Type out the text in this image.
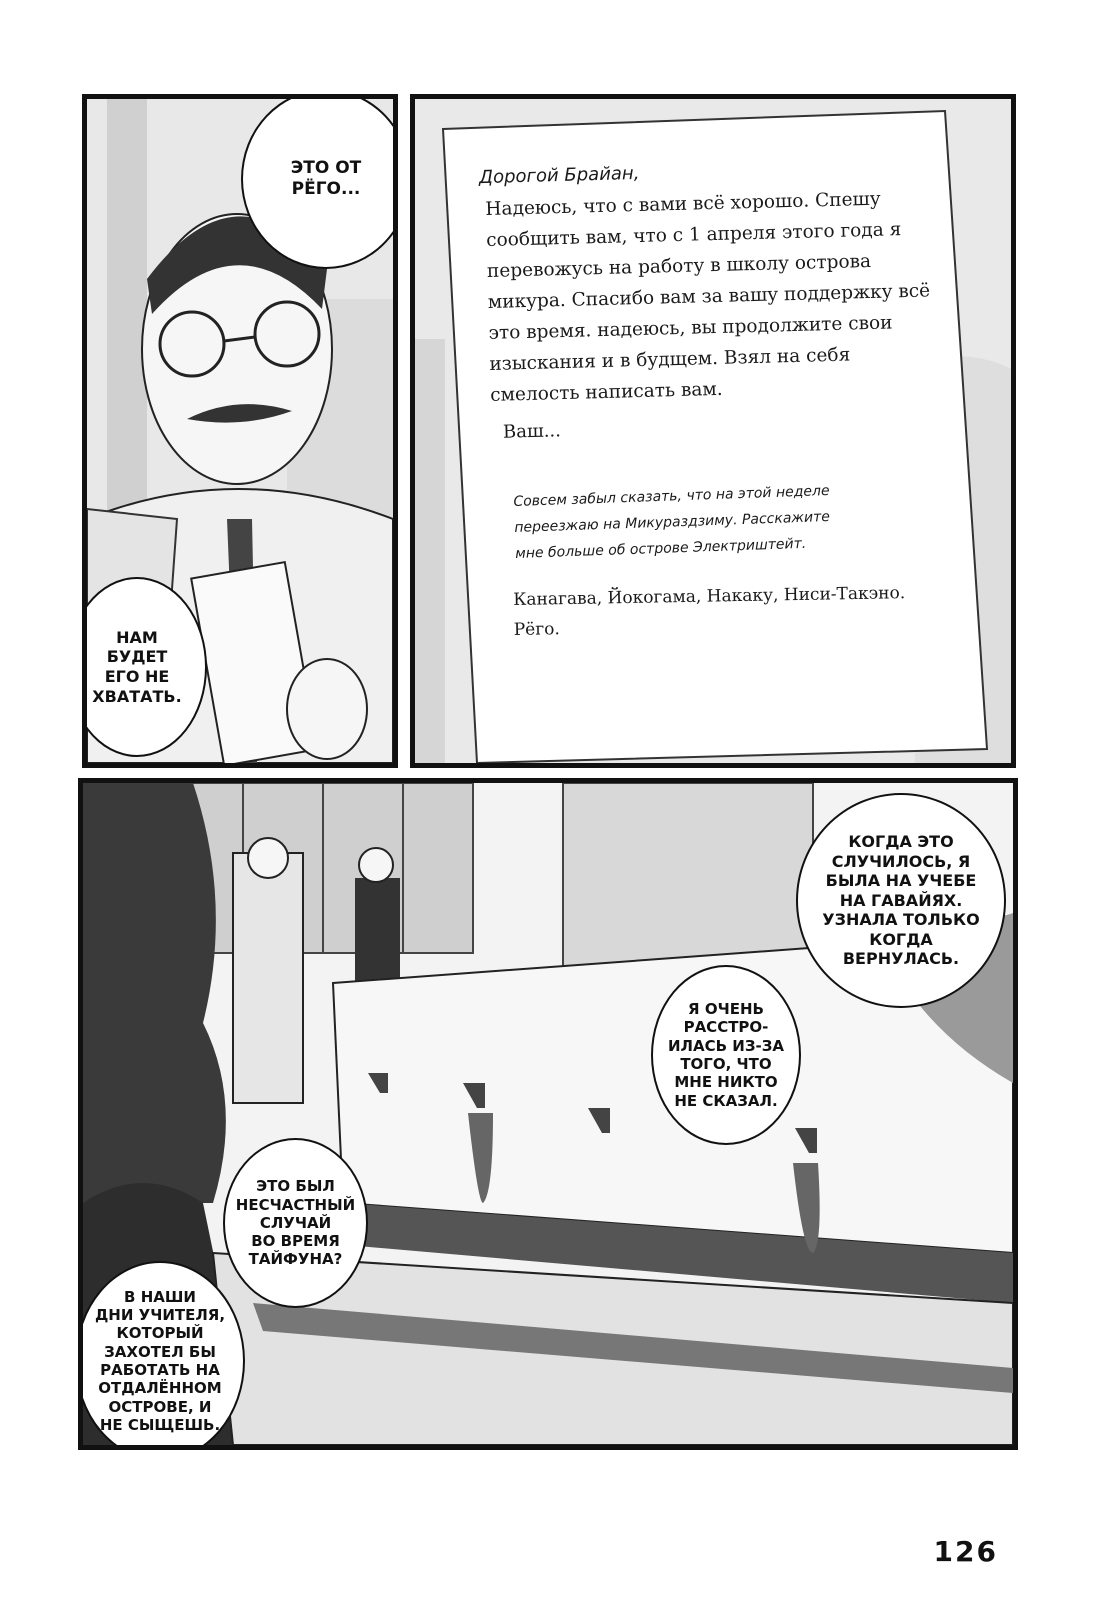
ЭТО ОТ
РЁГО...
НАМ
БУДЕТ
ЕГО НЕ
ХВАТАТЬ.
Дорогой Брайан,
Надеюсь, что с вами всё хорошо. Спешу
сообщить вам, что с 1 апреля этого года я
перевожусь на работу в школу острова
микура. Спасибо вам за вашу поддержку всё
это время. надеюсь, вы продолжите свои
изыскания и в будщем. Взял на себя
смелость написать вам.
Ваш...
Совсем забыл сказать, что на этой неделе
переезжаю на Микураздзиму. Расскажите
мне больше об острове Электриштейт.
Канагава, Йокогама, Накаку, Ниси-Такэно.
Рёго.
КОГДА ЭТО
СЛУЧИЛОСЬ, Я
БЫЛА НА УЧЕБЕ
НА ГАВАЙЯХ.
УЗНАЛА ТОЛЬКО
КОГДА
ВЕРНУЛАСЬ.
Я ОЧЕНЬ
РАССТРО-
ИЛАСЬ ИЗ-ЗА
ТОГО, ЧТО
МНЕ НИКТО
НЕ СКАЗАЛ.
ЭТО БЫЛ
НЕСЧАСТНЫЙ
СЛУЧАЙ
ВО ВРЕМЯ
ТАЙФУНА?
В НАШИ
ДНИ УЧИТЕЛЯ,
КОТОРЫЙ
ЗАХОТЕЛ БЫ
РАБОТАТЬ НА
ОТДАЛЁННОМ
ОСТРОВЕ, И
НЕ СЫЩЕШЬ.
126
